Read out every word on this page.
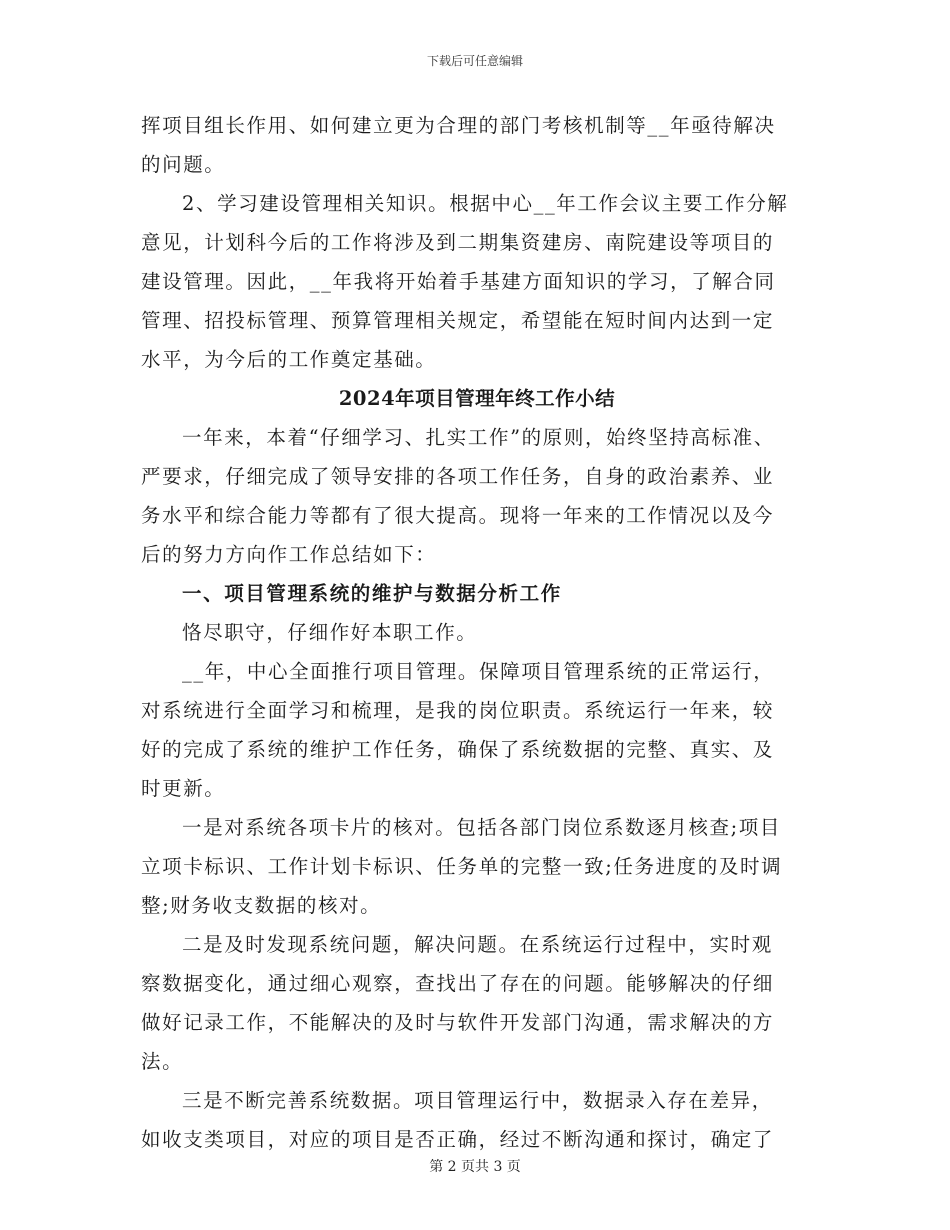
下载后可任意编辑
挥项目组长作用、如何建立更为合理的部门考核机制等__年亟待解决
的问题。
2、学习建设管理相关知识。根据中心__年工作会议主要工作分解
意见，计划科今后的工作将涉及到二期集资建房、南院建设等项目的
建设管理。因此，__年我将开始着手基建方面知识的学习，了解合同
管理、招投标管理、预算管理相关规定，希望能在短时间内达到一定
水平，为今后的工作奠定基础。
2024年项目管理年终工作小结
一年来，本着“仔细学习、扎实工作”的原则，始终坚持高标准、
严要求，仔细完成了领导安排的各项工作任务，自身的政治素养、业
务水平和综合能力等都有了很大提高。现将一年来的工作情况以及今
后的努力方向作工作总结如下：
一、项目管理系统的维护与数据分析工作
恪尽职守，仔细作好本职工作。
__年，中心全面推行项目管理。保障项目管理系统的正常运行，
对系统进行全面学习和梳理，是我的岗位职责。系统运行一年来，较
好的完成了系统的维护工作任务，确保了系统数据的完整、真实、及
时更新。
一是对系统各项卡片的核对。包括各部门岗位系数逐月核查;项目
立项卡标识、工作计划卡标识、任务单的完整一致;任务进度的及时调
整;财务收支数据的核对。
二是及时发现系统问题，解决问题。在系统运行过程中，实时观
察数据变化，通过细心观察，查找出了存在的问题。能够解决的仔细
做好记录工作，不能解决的及时与软件开发部门沟通，需求解决的方
法。
三是不断完善系统数据。项目管理运行中，数据录入存在差异，
如收支类项目，对应的项目是否正确，经过不断沟通和探讨，确定了
第 2 页共 3 页
